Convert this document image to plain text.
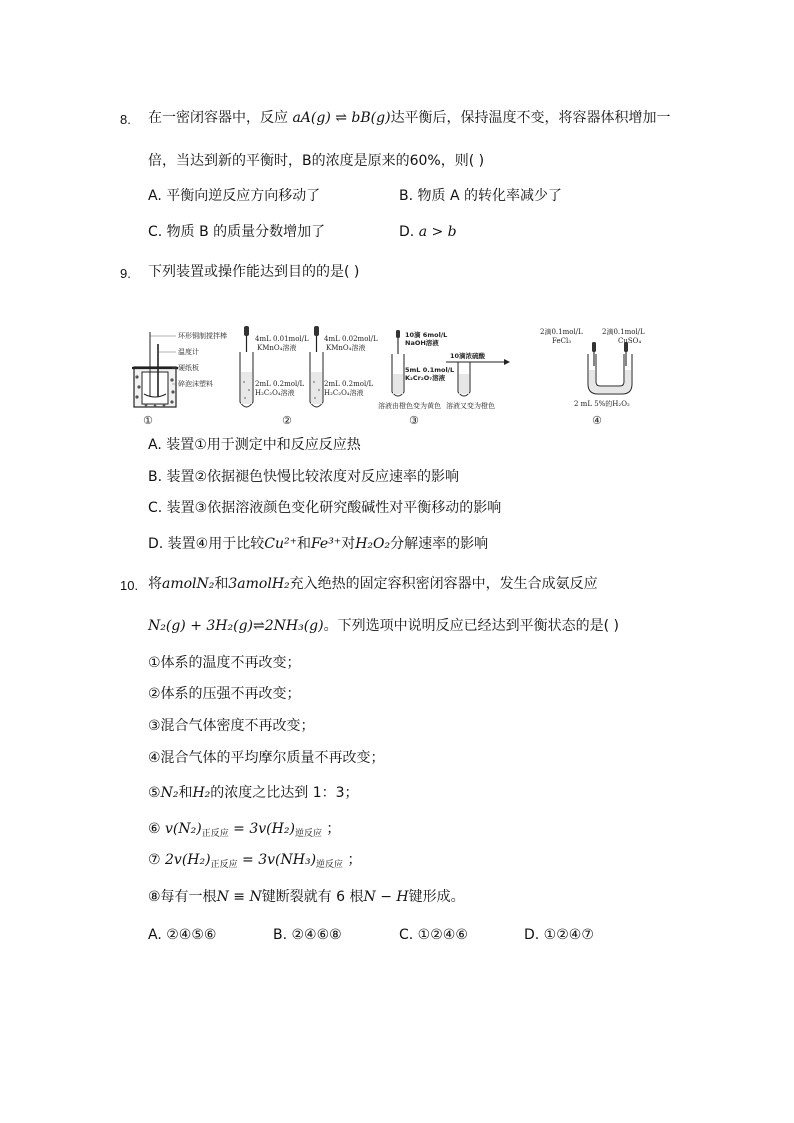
8. 在一密闭容器中，反应 aA(g) ⇌ bB(g)达平衡后，保持温度不变，将容器体积增加一
倍，当达到新的平衡时，B的浓度是原来的60%，则( )
A. 平衡向逆反应方向移动了	B. 物质 A 的转化率减少了
C. 物质 B 的质量分数增加了	D. a > b
9. 下列装置或操作能达到目的的是( )
环形铜制搅拌棒
温度计
硬纸板
碎泡沫塑料
①
4mL 0.01mol/L
KMnO₄溶液
4mL 0.02mol/L
KMnO₄溶液
2mL 0.2mol/L
H₂C₂O₄溶液
2mL 0.2mol/L
H₂C₂O₄溶液
②
10滴 6mol/L
NaOH溶液
5mL 0.1mol/L
K₂Cr₂O₇溶液
10滴浓硫酸
溶液由橙色变为黄色 溶液又变为橙色
③
2滴0.1mol/L
FeCl₃
2滴0.1mol/L
CuSO₄
2 mL 5%的H₂O₂
④
A. 装置①用于测定中和反应反应热
B. 装置②依据褪色快慢比较浓度对反应速率的影响
C. 装置③依据溶液颜色变化研究酸碱性对平衡移动的影响
D. 装置④用于比较Cu²⁺和Fe³⁺对H₂O₂分解速率的影响
10. 将amolN₂和3amolH₂充入绝热的固定容积密闭容器中，发生合成氨反应
N₂(g) + 3H₂(g)⇌2NH₃(g)。下列选项中说明反应已经达到平衡状态的是( )
①体系的温度不再改变；
②体系的压强不再改变；
③混合气体密度不再改变；
④混合气体的平均摩尔质量不再改变；
⑤N₂和H₂的浓度之比达到 1：3；
⑥ $v(N_2)_{正反应} = 3v(H_2)_{逆反应}$ ；
⑦ $2v(H_2)_{正反应} = 3v(NH_3)_{逆反应}$ ；
⑧每有一根N ≡ N键断裂就有 6 根N − H键形成。
A. ②④⑤⑥	B. ②④⑥⑧	C. ①②④⑥	D. ①②④⑦
